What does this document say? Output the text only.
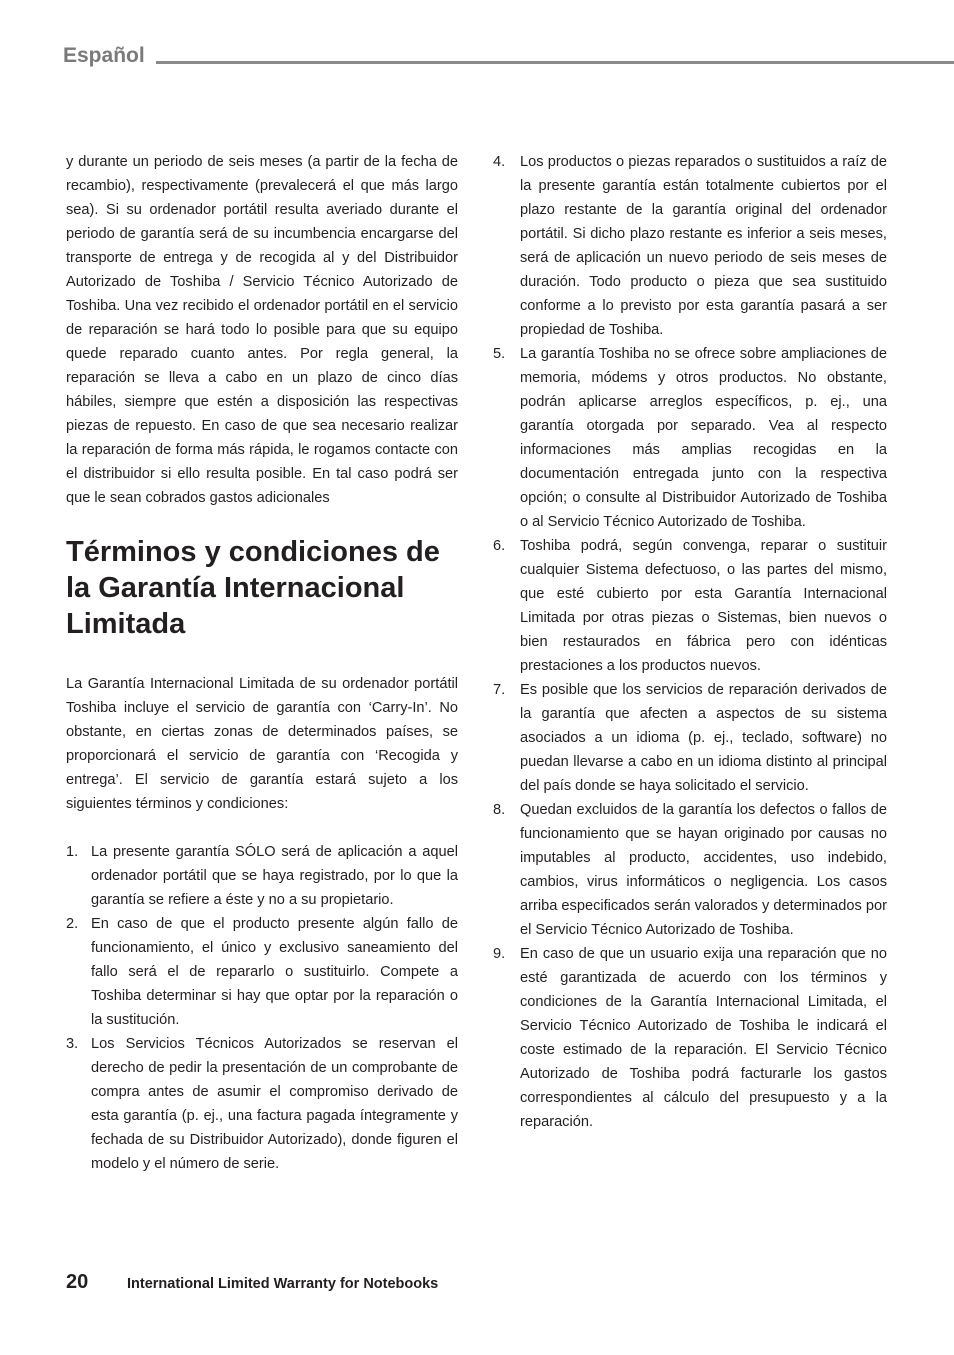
Español

y durante un periodo de seis meses (a partir de la fecha de recambio), respectivamente (prevalecerá el que más largo sea). Si su ordenador portátil resulta averiado durante el periodo de garantía será de su incumbencia encargarse del transporte de entrega y de recogida al y del Distribuidor Autorizado de Toshiba / Servicio Técnico Autorizado de Toshiba. Una vez recibido el ordenador portátil en el servicio de reparación se hará todo lo posible para que su equipo quede reparado cuanto antes. Por regla general, la reparación se lleva a cabo en un plazo de cinco días hábiles, siempre que estén a disposición las respectivas piezas de repuesto. En caso de que sea necesario realizar la reparación de forma más rápida, le rogamos contacte con el distribuidor si ello resulta posible. En tal caso podrá ser que le sean cobrados gastos adicionales

Términos y condiciones de la Garantía Internacional Limitada

La Garantía Internacional Limitada de su ordenador portátil Toshiba incluye el servicio de garantía con ‘Carry-In’. No obstante, en ciertas zonas de determinados países, se proporcionará el servicio de garantía con ‘Recogida y entrega’. El servicio de garantía estará sujeto a los siguientes términos y condiciones:

1. La presente garantía SÓLO será de aplicación a aquel ordenador portátil que se haya registrado, por lo que la garantía se refiere a éste y no a su propietario.
2. En caso de que el producto presente algún fallo de funcionamiento, el único y exclusivo saneamiento del fallo será el de repararlo o sustituirlo. Compete a Toshiba determinar si hay que optar por la reparación o la sustitución.
3. Los Servicios Técnicos Autorizados se reservan el derecho de pedir la presentación de un comprobante de compra antes de asumir el compromiso derivado de esta garantía (p. ej., una factura pagada íntegramente y fechada de su Distribuidor Autorizado), donde figuren el modelo y el número de serie.
4. Los productos o piezas reparados o sustituidos a raíz de la presente garantía están totalmente cubiertos por el plazo restante de la garantía original del ordenador portátil. Si dicho plazo restante es inferior a seis meses, será de aplicación un nuevo periodo de seis meses de duración. Todo producto o pieza que sea sustituido conforme a lo previsto por esta garantía pasará a ser propiedad de Toshiba.
5. La garantía Toshiba no se ofrece sobre ampliaciones de memoria, módems y otros productos. No obstante, podrán aplicarse arreglos específicos, p. ej., una garantía otorgada por separado. Vea al respecto informaciones más amplias recogidas en la documentación entregada junto con la respectiva opción; o consulte al Distribuidor Autorizado de Toshiba o al Servicio Técnico Autorizado de Toshiba.
6. Toshiba podrá, según convenga, reparar o sustituir cualquier Sistema defectuoso, o las partes del mismo, que esté cubierto por esta Garantía Internacional Limitada por otras piezas o Sistemas, bien nuevos o bien restaurados en fábrica pero con idénticas prestaciones a los productos nuevos.
7. Es posible que los servicios de reparación derivados de la garantía que afecten a aspectos de su sistema asociados a un idioma (p. ej., teclado, software) no puedan llevarse a cabo en un idioma distinto al principal del país donde se haya solicitado el servicio.
8. Quedan excluidos de la garantía los defectos o fallos de funcionamiento que se hayan originado por causas no imputables al producto, accidentes, uso indebido, cambios, virus informáticos o negligencia. Los casos arriba especificados serán valorados y determinados por el Servicio Técnico Autorizado de Toshiba.
9. En caso de que un usuario exija una reparación que no esté garantizada de acuerdo con los términos y condiciones de la Garantía Internacional Limitada, el Servicio Técnico Autorizado de Toshiba le indicará el coste estimado de la reparación. El Servicio Técnico Autorizado de Toshiba podrá facturarle los gastos correspondientes al cálculo del presupuesto y a la reparación.
20	International Limited Warranty for Notebooks
